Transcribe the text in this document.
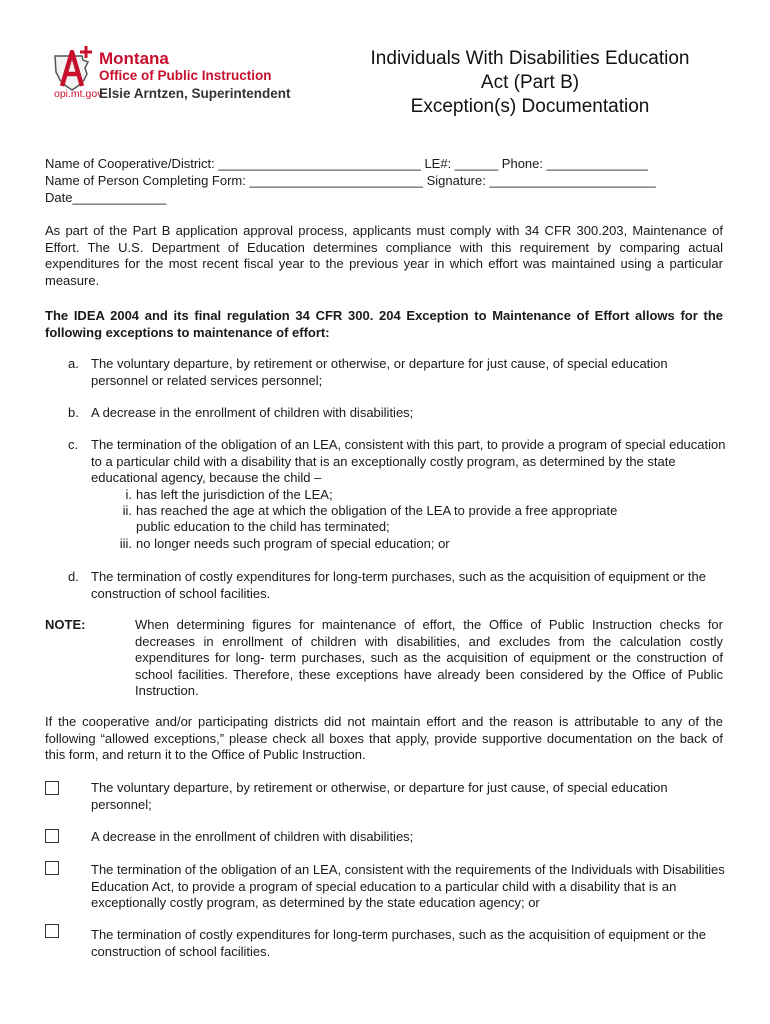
Montana
Office of Public Instruction
opi.mt.gov
Elsie Arntzen, Superintendent
Individuals With Disabilities Education
Act (Part B)
Exception(s) Documentation
Name of Cooperative/District: ____________________________ LE#: ______ Phone: ______________
Name of Person Completing Form: ________________________ Signature: _______________________
Date_____________
As part of the Part B application approval process, applicants must comply with 34 CFR 300.203, Maintenance of Effort. The U.S. Department of Education determines compliance with this requirement by comparing actual expenditures for the most recent fiscal year to the previous year in which effort was maintained using a particular measure.
The IDEA 2004 and its final regulation 34 CFR 300. 204 Exception to Maintenance of Effort allows for the following exceptions to maintenance of effort:
a. The voluntary departure, by retirement or otherwise, or departure for just cause, of special education personnel or related services personnel;
b. A decrease in the enrollment of children with disabilities;
c. The termination of the obligation of an LEA, consistent with this part, to provide a program of special education to a particular child with a disability that is an exceptionally costly program, as determined by the state educational agency, because the child –
i. has left the jurisdiction of the LEA;
ii. has reached the age at which the obligation of the LEA to provide a free appropriate
public education to the child has terminated;
iii. no longer needs such program of special education; or
d. The termination of costly expenditures for long-term purchases, such as the acquisition of equipment or the construction of school facilities.
NOTE:	When determining figures for maintenance of effort, the Office of Public Instruction checks for decreases in enrollment of children with disabilities, and excludes from the calculation costly expenditures for long- term purchases, such as the acquisition of equipment or the construction of school facilities. Therefore, these exceptions have already been considered by the Office of Public Instruction.
If the cooperative and/or participating districts did not maintain effort and the reason is attributable to any of the following “allowed exceptions,” please check all boxes that apply, provide supportive documentation on the back of this form, and return it to the Office of Public Instruction.
The voluntary departure, by retirement or otherwise, or departure for just cause, of special education personnel;
A decrease in the enrollment of children with disabilities;
The termination of the obligation of an LEA, consistent with the requirements of the Individuals with Disabilities Education Act, to provide a program of special education to a particular child with a disability that is an exceptionally costly program, as determined by the state education agency; or
The termination of costly expenditures for long-term purchases, such as the acquisition of equipment or the construction of school facilities.
